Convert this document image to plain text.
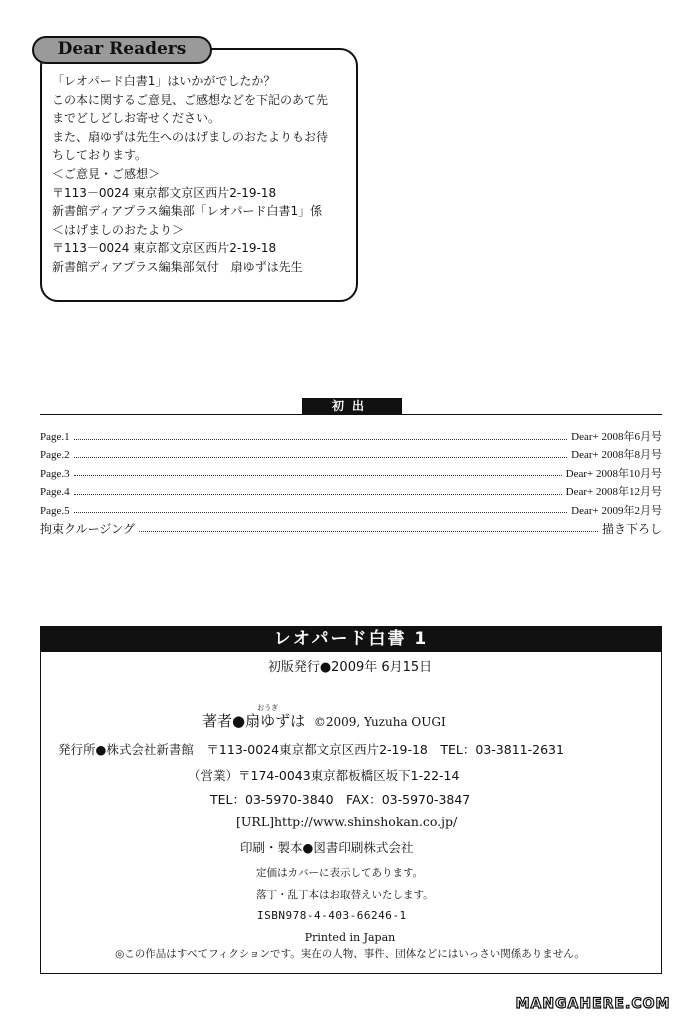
Dear Readers
「レオパード白書1」はいかがでしたか？
この本に関するご意見、ご感想などを下記のあて先
までどしどしお寄せください。
また、扇ゆずは先生へのはげましのおたよりもお待
ちしております。
＜ご意見・ご感想＞
〒113－0024 東京都文京区西片2-19-18
新書館ディアプラス編集部「レオパード白書1」係
＜はげましのおたより＞
〒113－0024 東京都文京区西片2-19-18
新書館ディアプラス編集部気付　扇ゆずは先生
初出
Page.1	Dear+ 2008年6月号
Page.2	Dear+ 2008年8月号
Page.3	Dear+ 2008年10月号
Page.4	Dear+ 2008年12月号
Page.5	Dear+ 2009年2月号
拘束クルージング	描き下ろし
レオパード白書 1
初版発行●2009年 6月15日
著者●
おうぎ
扇ゆずは ©2009, Yuzuha OUGI
発行所●株式会社新書館　〒113-0024東京都文京区西片2-19-18　TEL：03-3811-2631
（営業）〒174-0043東京都板橋区坂下1-22-14
TEL：03-5970-3840　FAX：03-5970-3847
[URL]http://www.shinshokan.co.jp/
印刷・製本●図書印刷株式会社
定価はカバーに表示してあります。
落丁・乱丁本はお取替えいたします。
ISBN978-4-403-66246-1
Printed in Japan
◎この作品はすべてフィクションです。実在の人物、事件、団体などにはいっさい関係ありません。
MANGAHERE.COM
